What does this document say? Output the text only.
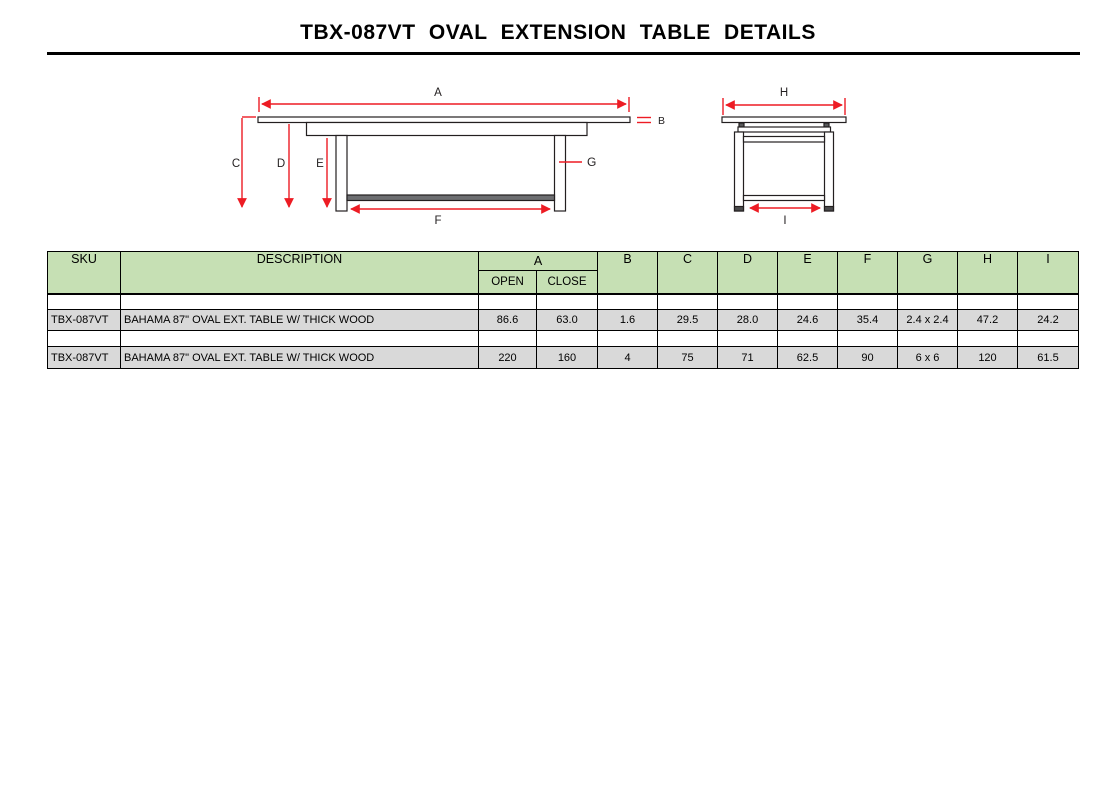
TBX-087VT OVAL EXTENSION TABLE DETAILS
A
B
C	D	E
F
G
H
I
SKU	DESCRIPTION	A		B	C	D	E	F	G	H	I
		OPEN	CLOSE								

TBX-087VT	BAHAMA 87" OVAL EXT. TABLE W/ THICK WOOD	86.6	63.0	1.6	29.5	28.0	24.6	35.4	2.4 x 2.4	47.2	24.2

TBX-087VT	BAHAMA 87" OVAL EXT. TABLE W/ THICK WOOD	220	160	4	75	71	62.5	90	6 x 6	120	61.5
